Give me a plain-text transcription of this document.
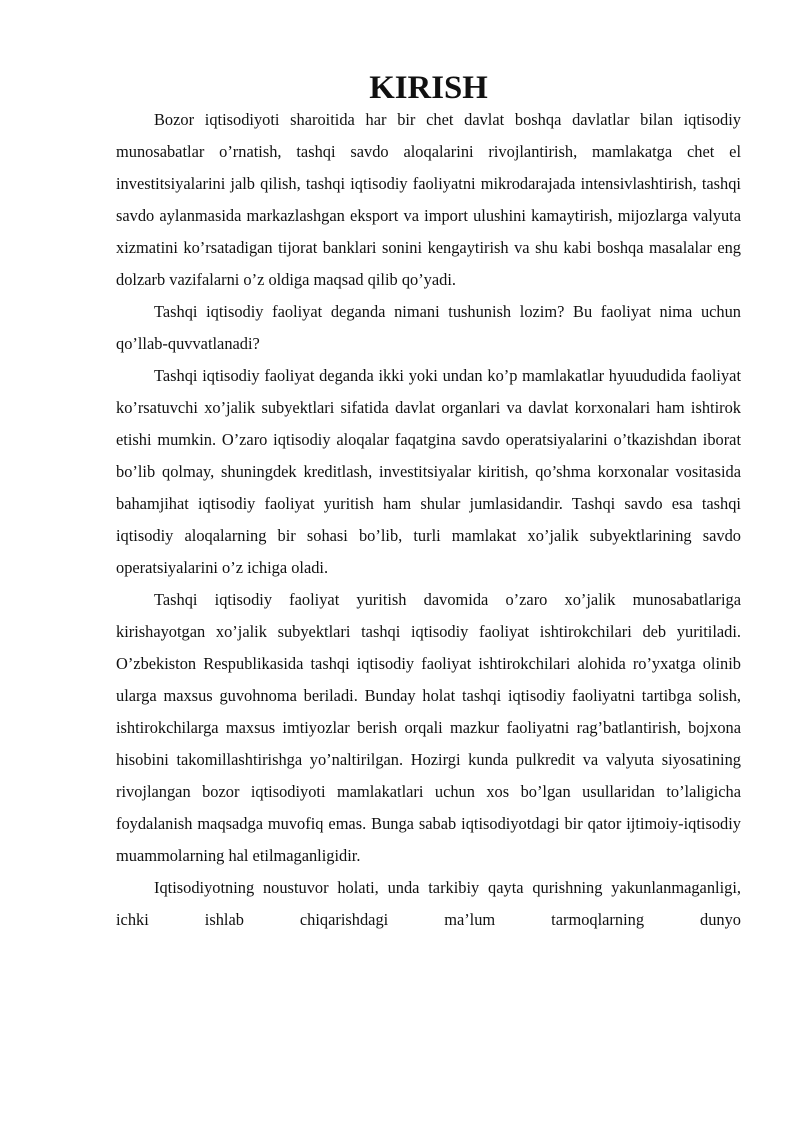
KIRISH

Bozor iqtisodiyoti sharoitida har bir chet davlat boshqa davlatlar bilan iqtisodiy munosabatlar o’rnatish, tashqi savdo aloqalarini rivojlantirish, mamlakatga chet el investitsiyalarini jalb qilish, tashqi iqtisodiy faoliyatni mikrodarajada intensivlashtirish, tashqi savdo aylanmasida markazlashgan eksport va import ulushini kamaytirish, mijozlarga valyuta xizmatini ko’rsatadigan tijorat banklari sonini kengaytirish va shu kabi boshqa masalalar eng dolzarb vazifalarni o’z oldiga maqsad qilib qo’yadi.

Tashqi iqtisodiy faoliyat deganda nimani tushunish lozim? Bu faoliyat nima uchun qo’llab-quvvatlanadi?

Tashqi iqtisodiy faoliyat deganda ikki yoki undan ko’p mamlakatlar hyuududida faoliyat ko’rsatuvchi xo’jalik subyektlari sifatida davlat organlari va davlat korxonalari ham ishtirok etishi mumkin. O’zaro iqtisodiy aloqalar faqatgina savdo operatsiyalarini o’tkazishdan iborat bo’lib qolmay, shuningdek kreditlash, investitsiyalar kiritish, qo’shma korxonalar vositasida bahamjihat iqtisodiy faoliyat yuritish ham shular jumlasidandir. Tashqi savdo esa tashqi iqtisodiy aloqalarning bir sohasi bo’lib, turli mamlakat xo’jalik subyektlarining savdo operatsiyalarini o’z ichiga oladi.

Tashqi iqtisodiy faoliyat yuritish davomida o’zaro xo’jalik munosabatlariga kirishayotgan xo’jalik subyektlari tashqi iqtisodiy faoliyat ishtirokchilari deb yuritiladi. O’zbekiston Respublikasida tashqi iqtisodiy faoliyat ishtirokchilari alohida ro’yxatga olinib ularga maxsus guvohnoma beriladi. Bunday holat tashqi iqtisodiy faoliyatni tartibga solish, ishtirokchilarga maxsus imtiyozlar berish orqali mazkur faoliyatni rag’batlantirish, bojxona hisobini takomillashtirishga yo’naltirilgan. Hozirgi kunda pulkredit va valyuta siyosatining rivojlangan bozor iqtisodiyoti mamlakatlari uchun xos bo’lgan usullaridan to’laligicha foydalanish maqsadga muvofiq emas. Bunga sabab iqtisodiyotdagi bir qator ijtimoiy-iqtisodiy muammolarning hal etilmaganligidir.

Iqtisodiyotning noustuvor holati, unda tarkibiy qayta qurishning yakunlanmaganligi, ichki ishlab chiqarishdagi ma’lum tarmoqlarning dunyo
